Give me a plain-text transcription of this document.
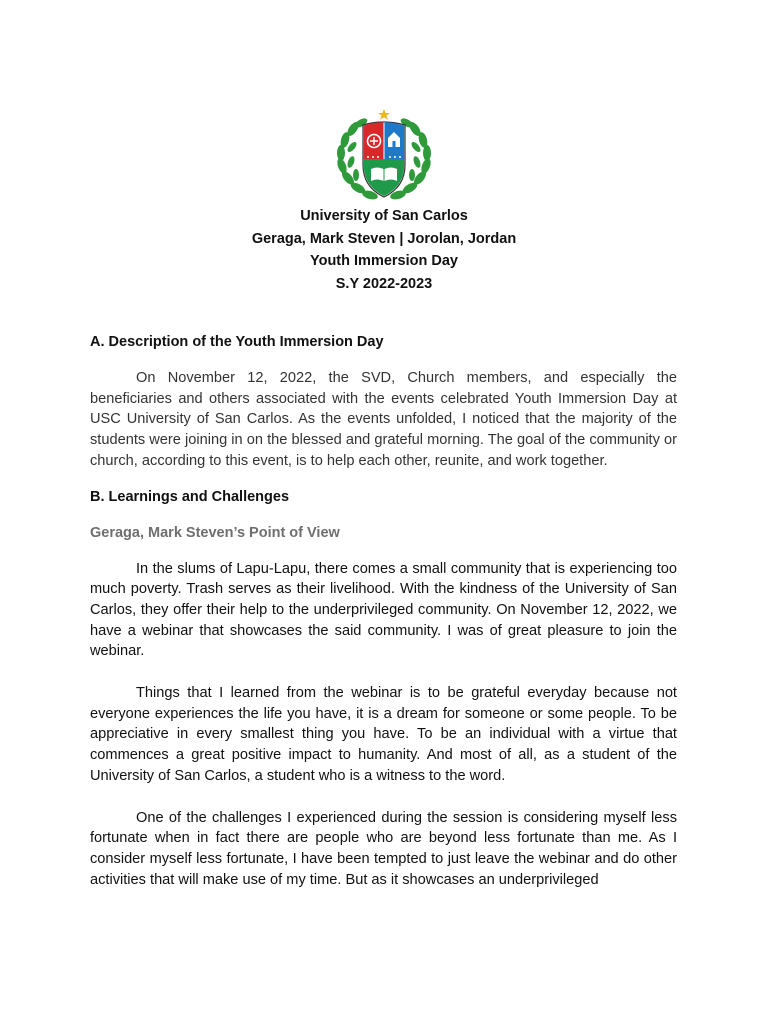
University of San Carlos
Geraga, Mark Steven | Jorolan, Jordan
Youth Immersion Day
S.Y 2022-2023

A. Description of the Youth Immersion Day

On November 12, 2022, the SVD, Church members, and especially the beneficiaries and others associated with the events celebrated Youth Immersion Day at USC University of San Carlos. As the events unfolded, I noticed that the majority of the students were joining in on the blessed and grateful morning. The goal of the community or church, according to this event, is to help each other, reunite, and work together.

B. Learnings and Challenges

Geraga, Mark Steven’s Point of View

In the slums of Lapu-Lapu, there comes a small community that is experiencing too much poverty. Trash serves as their livelihood. With the kindness of the University of San Carlos, they offer their help to the underprivileged community. On November 12, 2022, we have a webinar that showcases the said community. I was of great pleasure to join the webinar.

Things that I learned from the webinar is to be grateful everyday because not everyone experiences the life you have, it is a dream for someone or some people. To be appreciative in every smallest thing you have. To be an individual with a virtue that commences a great positive impact to humanity. And most of all, as a student of the University of San Carlos, a student who is a witness to the word.

One of the challenges I experienced during the session is considering myself less fortunate when in fact there are people who are beyond less fortunate than me. As I consider myself less fortunate, I have been tempted to just leave the webinar and do other activities that will make use of my time. But as it showcases an underprivileged
